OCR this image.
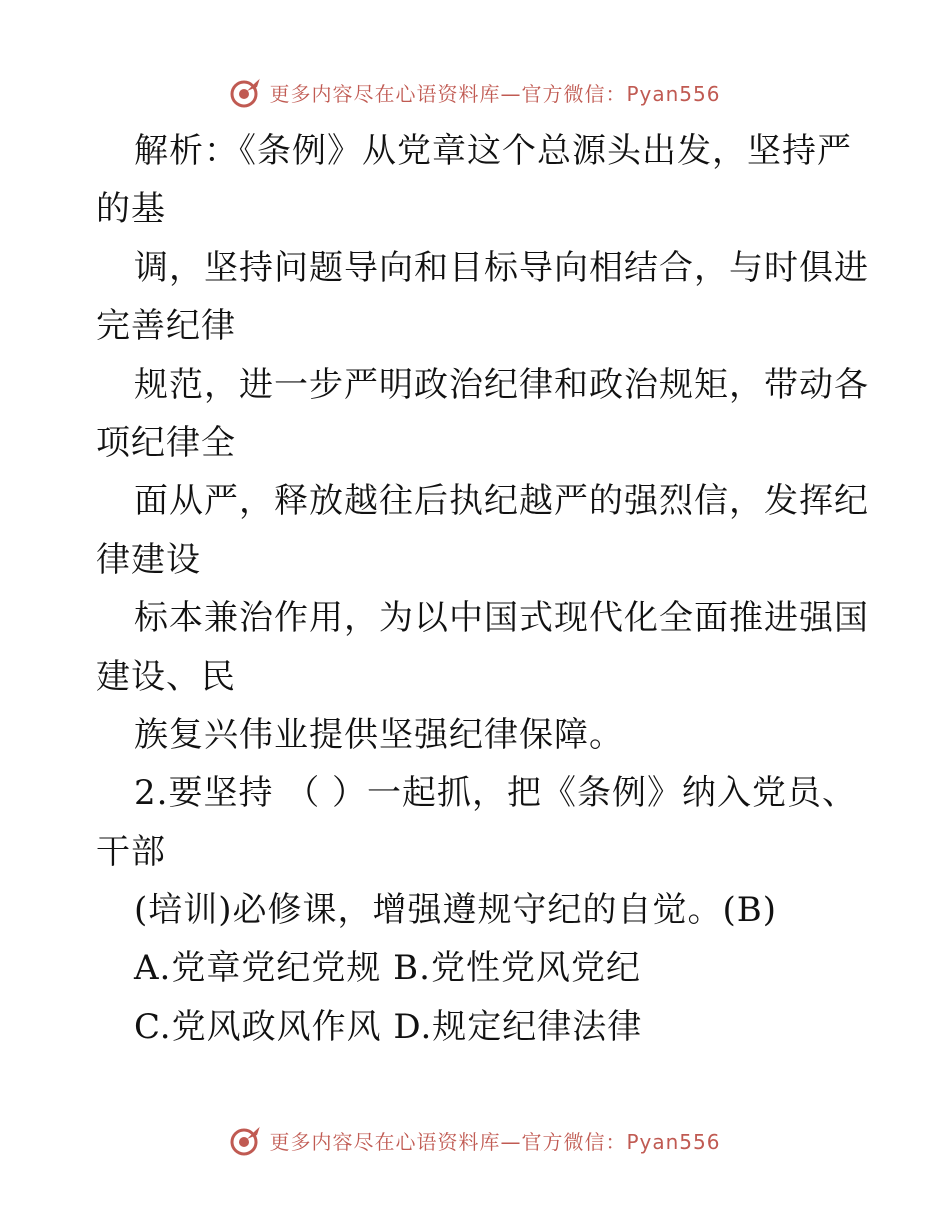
更多内容尽在心语资料库—官方微信：Pyan556
解析：《条例》从党章这个总源头出发，坚持严
的基
调，坚持问题导向和目标导向相结合，与时俱进
完善纪律
规范，进一步严明政治纪律和政治规矩，带动各
项纪律全
面从严，释放越往后执纪越严的强烈信，发挥纪
律建设
标本兼治作用，为以中国式现代化全面推进强国
建设、民
族复兴伟业提供坚强纪律保障。
2.要坚持 （ ）一起抓，把《条例》纳入党员、
干部
(培训)必修课，增强遵规守纪的自觉。(B)
A.党章党纪党规 B.党性党风党纪
C.党风政风作风 D.规定纪律法律
更多内容尽在心语资料库—官方微信：Pyan556
